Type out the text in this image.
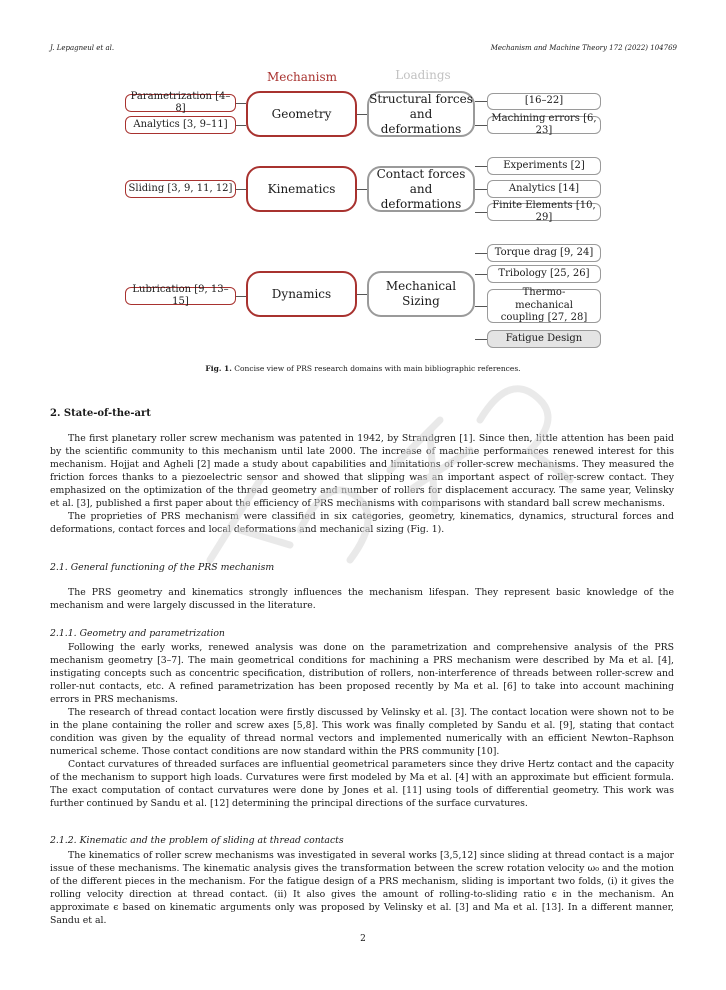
J. Lepagneul et al.	Mechanism and Machine Theory 172 (2022) 104769
Mechanism	Loadings
Parametrization [4–8]
Analytics [3, 9–11]
Sliding [3, 9, 11, 12]
Lubrication [9, 13–15]
Geometry
Kinematics
Dynamics
Structural forces and deformations
Contact forces and deformations
Mechanical Sizing
[16–22]
Machining errors [6, 23]
Experiments [2]
Analytics [14]
Finite Elements [10, 29]
Torque drag [9, 24]
Tribology [25, 26]
Thermo-mechanical coupling [27, 28]
Fatigue Design
Fig. 1. Concise view of PRS research domains with main bibliographic references.
2. State-of-the-art

The first planetary roller screw mechanism was patented in 1942, by Strandgren [1]. Since then, little attention has been paid by the scientific community to this mechanism until late 2000. The increase of machine performances renewed interest for this mechanism. Hojjat and Agheli [2] made a study about capabilities and limitations of roller-screw mechanisms. They measured the friction forces thanks to a piezoelectric sensor and showed that slipping was an important aspect of roller-screw contact. They emphasized on the optimization of the thread geometry and number of rollers for displacement accuracy. The same year, Velinsky et al. [3], published a first paper about the efficiency of PRS mechanisms with comparisons with standard ball screw mechanisms.

The proprieties of PRS mechanism were classified in six categories, geometry, kinematics, dynamics, structural forces and deformations, contact forces and local deformations and mechanical sizing (Fig. 1).

2.1. General functioning of the PRS mechanism

The PRS geometry and kinematics strongly influences the mechanism lifespan. They represent basic knowledge of the mechanism and were largely discussed in the literature.

2.1.1. Geometry and parametrization

Following the early works, renewed analysis was done on the parametrization and comprehensive analysis of the PRS mechanism geometry [3–7]. The main geometrical conditions for machining a PRS mechanism were described by Ma et al. [4], instigating concepts such as concentric specification, distribution of rollers, non-interference of threads between roller-screw and roller-nut contacts, etc. A refined parametrization has been proposed recently by Ma et al. [6] to take into account machining errors in PRS mechanisms.

The research of thread contact location were firstly discussed by Velinsky et al. [3]. The contact location were shown not to be in the plane containing the roller and screw axes [5,8]. This work was finally completed by Sandu et al. [9], stating that contact condition was given by the equality of thread normal vectors and implemented numerically with an efficient Newton–Raphson numerical scheme. Those contact conditions are now standard within the PRS community [10].

Contact curvatures of threaded surfaces are influential geometrical parameters since they drive Hertz contact and the capacity of the mechanism to support high loads. Curvatures were first modeled by Ma et al. [4] with an approximate but efficient formula. The exact computation of contact curvatures were done by Jones et al. [11] using tools of differential geometry. This work was further continued by Sandu et al. [12] determining the principal directions of the surface curvatures.

2.1.2. Kinematic and the problem of sliding at thread contacts

The kinematics of roller screw mechanisms was investigated in several works [3,5,12] since sliding at thread contact is a major issue of these mechanisms. The kinematic analysis gives the transformation between the screw rotation velocity ω₀ and the motion of the different pieces in the mechanism. For the fatigue design of a PRS mechanism, sliding is important two folds, (i) it gives the rolling velocity direction at thread contact. (ii) It also gives the amount of rolling-to-sliding ratio ϵ in the mechanism. An approximate ϵ based on kinematic arguments only was proposed by Velinsky et al. [3] and Ma et al. [13]. In a different manner, Sandu et al.

2
